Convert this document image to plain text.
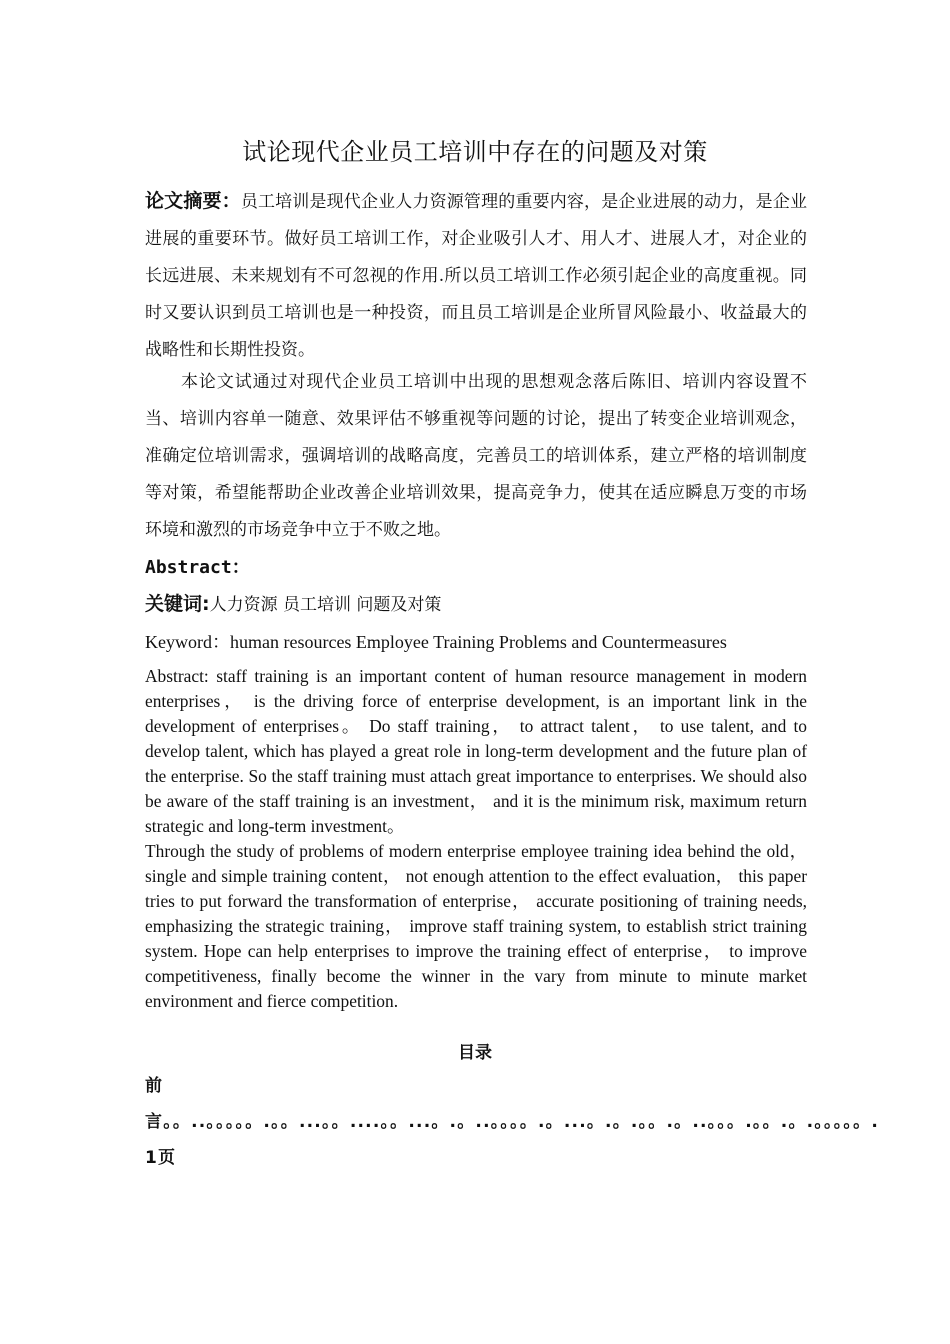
试论现代企业员工培训中存在的问题及对策
论文摘要：员工培训是现代企业人力资源管理的重要内容，是企业进展的动力，是企业进展的重要环节。做好员工培训工作，对企业吸引人才、用人才、进展人才，对企业的长远进展、未来规划有不可忽视的作用.所以员工培训工作必须引起企业的高度重视。同时又要认识到员工培训也是一种投资，而且员工培训是企业所冒风险最小、收益最大的战略性和长期性投资。
本论文试通过对现代企业员工培训中出现的思想观念落后陈旧、培训内容设置不当、培训内容单一随意、效果评估不够重视等问题的讨论，提出了转变企业培训观念，准确定位培训需求，强调培训的战略高度，完善员工的培训体系，建立严格的培训制度等对策，希望能帮助企业改善企业培训效果，提高竞争力，使其在适应瞬息万变的市场环境和激烈的市场竞争中立于不败之地。
Abstract：
关键词:人力资源 员工培训 问题及对策
Keyword：human resources Employee Training Problems and Countermeasures
Abstract: staff training is an important content of human resource management in modern enterprises， is the driving force of enterprise development, is an important link in the development of enterprises。 Do staff training， to attract talent， to use talent, and to develop talent, which has played a great role in long-term development and the future plan of the enterprise. So the staff training must attach great importance to enterprises. We should also be aware of the staff training is an investment， and it is the minimum risk, maximum return strategic and long-term investment。
Through the study of problems of modern enterprise employee training idea behind the old， single and simple training content， not enough attention to the effect evaluation， this paper tries to put forward the transformation of enterprise， accurate positioning of training needs, emphasizing the strategic training， improve staff training system, to establish strict training system. Hope can help enterprises to improve the training effect of enterprise， to improve competitiveness, finally become the winner in the vary from minute to minute market environment and fierce competition.
目录
前言。。..。。。。。.。。...。。....。。...。.。..。。。。.。...。.。.。。.。..。。。.。。.。.。。。。。.1页
